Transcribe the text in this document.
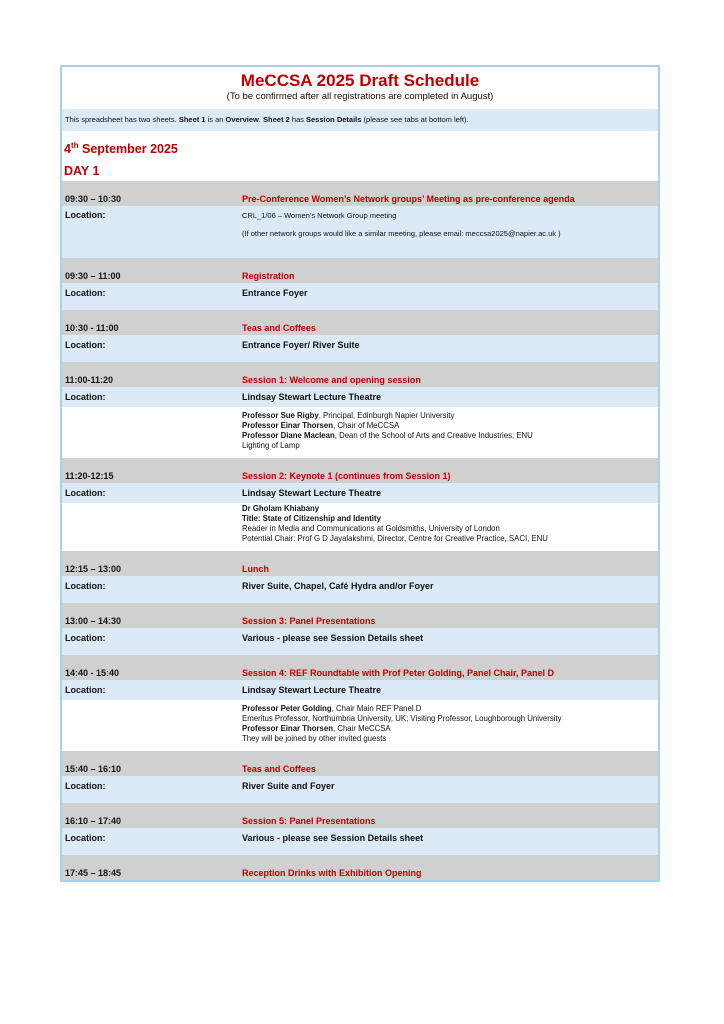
MeCCSA 2025 Draft Schedule
(To be confirmed after all registrations are completed in August)
This spreadsheet has two sheets. Sheet 1 is an Overview. Sheet 2 has Session Details (please see tabs at bottom left).
4th September 2025
DAY 1
09:30 – 10:30	Pre-Conference Women’s Network groups’ Meeting as pre-conference agenda
Location:	CRL_1/06 – Women’s Network Group meeting
(If other network groups would like a similar meeting, please email: meccsa2025@napier.ac.uk )
09:30 – 11:00	Registration
Location:	Entrance Foyer
10:30 - 11:00	Teas and Coffees
Location:	Entrance Foyer/ River Suite
11:00-11:20	Session 1: Welcome and opening session
Location:	Lindsay Stewart Lecture Theatre
Professor Sue Rigby, Principal, Edinburgh Napier University
Professor Einar Thorsen, Chair of MeCCSA
Professor Diane Maclean, Dean of the School of Arts and Creative Industries, ENU
Lighting of Lamp
11:20-12:15	Session 2: Keynote 1 (continues from Session 1)
Location:	Lindsay Stewart Lecture Theatre
Dr Gholam Khiabany
Title: State of Citizenship and Identity
Reader in Media and Communications at Goldsmiths, University of London
Potential Chair: Prof G D Jayalakshmi, Director, Centre for Creative Practice, SACI, ENU
12:15 – 13:00	Lunch
Location:	River Suite, Chapel, Café Hydra and/or Foyer
13:00 – 14:30	Session 3: Panel Presentations
Location:	Various - please see Session Details sheet
14:40 - 15:40	Session 4: REF Roundtable with Prof Peter Golding, Panel Chair, Panel D
Location:	Lindsay Stewart Lecture Theatre
Professor Peter Golding, Chair Main REF Panel D
Emeritus Professor, Northumbria University, UK; Visiting Professor, Loughborough University
Professor Einar Thorsen, Chair MeCCSA
They will be joined by other invited guests
15:40 – 16:10	Teas and Coffees
Location:	River Suite and Foyer
16:10 – 17:40	Session 5: Panel Presentations
Location:	Various - please see Session Details sheet
17:45 – 18:45	Reception Drinks with Exhibition Opening
